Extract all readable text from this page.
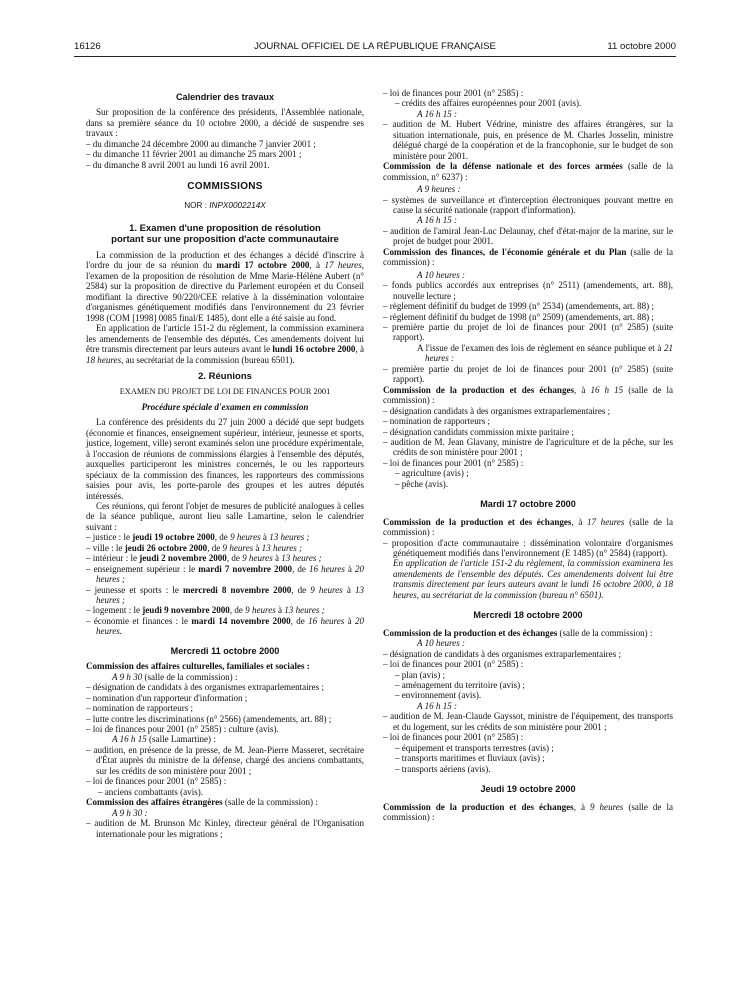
16126	JOURNAL OFFICIEL DE LA RÉPUBLIQUE FRANÇAISE	11 octobre 2000

Calendrier des travaux

Sur proposition de la conférence des présidents, l'Assemblée nationale, dans sa première séance du 10 octobre 2000, a décidé de suspendre ses travaux :

– du dimanche 24 décembre 2000 au dimanche 7 janvier 2001 ;

– du dimanche 11 février 2001 au dimanche 25 mars 2001 ;

– du dimanche 8 avril 2001 au lundi 16 avril 2001.

COMMISSIONS

NOR : INPX0002214X

1. Examen d'une proposition de résolution

portant sur une proposition d'acte communautaire

La commission de la production et des échanges a décidé d'inscrire à l'ordre du jour de sa réunion du mardi 17 octobre 2000, à 17 heures, l'examen de la proposition de résolution de Mme Marie-Hélène Aubert (n° 2584) sur la proposition de directive du Parlement européen et du Conseil modifiant la directive 90/220/CEE relative à la dissémination volontaire d'organismes génétiquement modifiés dans l'environnement du 23 février 1998 (COM [1998] 0085 final/E 1485), dont elle a été saisie au fond.

En application de l'article 151-2 du règlement, la commission examinera les amendements de l'ensemble des députés. Ces amendements doivent lui être transmis directement par leurs auteurs avant le lundi 16 octobre 2000, à 18 heures, au secrétariat de la commission (bureau 6501).

2. Réunions

EXAMEN DU PROJET DE LOI DE FINANCES POUR 2001

Procédure spéciale d'examen en commission

La conférence des présidents du 27 juin 2000 a décidé que sept budgets (économie et finances, enseignement supérieur, intérieur, jeunesse et sports, justice, logement, ville) seront examinés selon une procédure expérimentale, à l'occasion de réunions de commissions élargies à l'ensemble des députés, auxquelles participeront les ministres concernés, le ou les rapporteurs spéciaux de la commission des finances, les rapporteurs des commissions saisies pour avis, les porte-parole des groupes et les autres députés intéressés.

Ces réunions, qui feront l'objet de mesures de publicité analogues à celles de la séance publique, auront lieu salle Lamartine, selon le calendrier suivant :

– justice : le jeudi 19 octobre 2000, de 9 heures à 13 heures ;

– ville : le jeudi 26 octobre 2000, de 9 heures à 13 heures ;

– intérieur : le jeudi 2 novembre 2000, de 9 heures à 13 heures ;

– enseignement supérieur : le mardi 7 novembre 2000, de 16 heures à 20 heures ;

– jeunesse et sports : le mercredi 8 novembre 2000, de 9 heures à 13 heures ;

– logement : le jeudi 9 novembre 2000, de 9 heures à 13 heures ;

– économie et finances : le mardi 14 novembre 2000, de 16 heures à 20 heures.

Mercredi 11 octobre 2000

Commission des affaires culturelles, familiales et sociales :

A 9 h 30 (salle de la commission) :

– désignation de candidats à des organismes extraparlementaires ;

– nomination d'un rapporteur d'information ;

– nomination de rapporteurs ;

– lutte contre les discriminations (n° 2566) (amendements, art. 88) ;

– loi de finances pour 2001 (n° 2585) : culture (avis).

A 16 h 15 (salle Lamartine) :

– audition, en présence de la presse, de M. Jean-Pierre Masseret, secrétaire d'État auprès du ministre de la défense, chargé des anciens combattants, sur les crédits de son ministère pour 2001 ;

– loi de finances pour 2001 (n° 2585) :

– anciens combattants (avis).

Commission des affaires étrangères (salle de la commission) :

A 9 h 30 :

– audition de M. Brunson Mc Kinley, directeur général de l'Organisation internationale pour les migrations ;

– loi de finances pour 2001 (n° 2585) :

– crédits des affaires européennes pour 2001 (avis).

A 16 h 15 :

– audition de M. Hubert Védrine, ministre des affaires étrangères, sur la situation internationale, puis, en présence de M. Charles Josselin, ministre délégué chargé de la coopération et de la francophonie, sur le budget de son ministère pour 2001.

Commission de la défense nationale et des forces armées (salle de la commission, n° 6237) :

A 9 heures :

– systèmes de surveillance et d'interception électroniques pouvant mettre en cause la sécurité nationale (rapport d'information).

A 16 h 15 :

– audition de l'amiral Jean-Luc Delaunay, chef d'état-major de la marine, sur le projet de budget pour 2001.

Commission des finances, de l'économie générale et du Plan (salle de la commission) :

A 10 heures :

– fonds publics accordés aux entreprises (n° 2511) (amendements, art. 88), nouvelle lecture ;

– règlement définitif du budget de 1999 (n° 2534) (amendements, art. 88) ;

– règlement définitif du budget de 1998 (n° 2509) (amendements, art. 88) ;

– première partie du projet de loi de finances pour 2001 (n° 2585) (suite rapport).

A l'issue de l'examen des lois de règlement en séance publique et à 21 heures :

– première partie du projet de loi de finances pour 2001 (n° 2585) (suite rapport).

Commission de la production et des échanges, à 16 h 15 (salle de la commission) :

– désignation candidats à des organismes extraparlementaires ;

– nomination de rapporteurs ;

– désignation candidats commission mixte paritaire ;

– audition de M. Jean Glavany, ministre de l'agriculture et de la pêche, sur les crédits de son ministère pour 2001 ;

– loi de finances pour 2001 (n° 2585) :

– agriculture (avis) ;

– pêche (avis).

Mardi 17 octobre 2000

Commission de la production et des échanges, à 17 heures (salle de la commission) :

– proposition d'acte communautaire : dissémination volontaire d'organismes génétiquement modifiés dans l'environnement (E 1485) (n° 2584) (rapport).

En application de l'article 151-2 du règlement, la commission examinera les amendements de l'ensemble des députés. Ces amendements doivent lui être transmis directement par leurs auteurs avant le lundi 16 octobre 2000, à 18 heures, au secrétariat de la commission (bureau n° 6501).

Mercredi 18 octobre 2000

Commission de la production et des échanges (salle de la commission) :

A 10 heures :

– désignation de candidats à des organismes extraparlementaires ;

– loi de finances pour 2001 (n° 2585) :

– plan (avis) ;

– aménagement du territoire (avis) ;

– environnement (avis).

A 16 h 15 :

– audition de M. Jean-Claude Gayssot, ministre de l'équipement, des transports et du logement, sur les crédits de son ministère pour 2001 ;

– loi de finances pour 2001 (n° 2585) :

– équipement et transports terrestres (avis) ;

– transports maritimes et fluviaux (avis) ;

– transports aériens (avis).

Jeudi 19 octobre 2000

Commission de la production et des échanges, à 9 heures (salle de la commission) :
